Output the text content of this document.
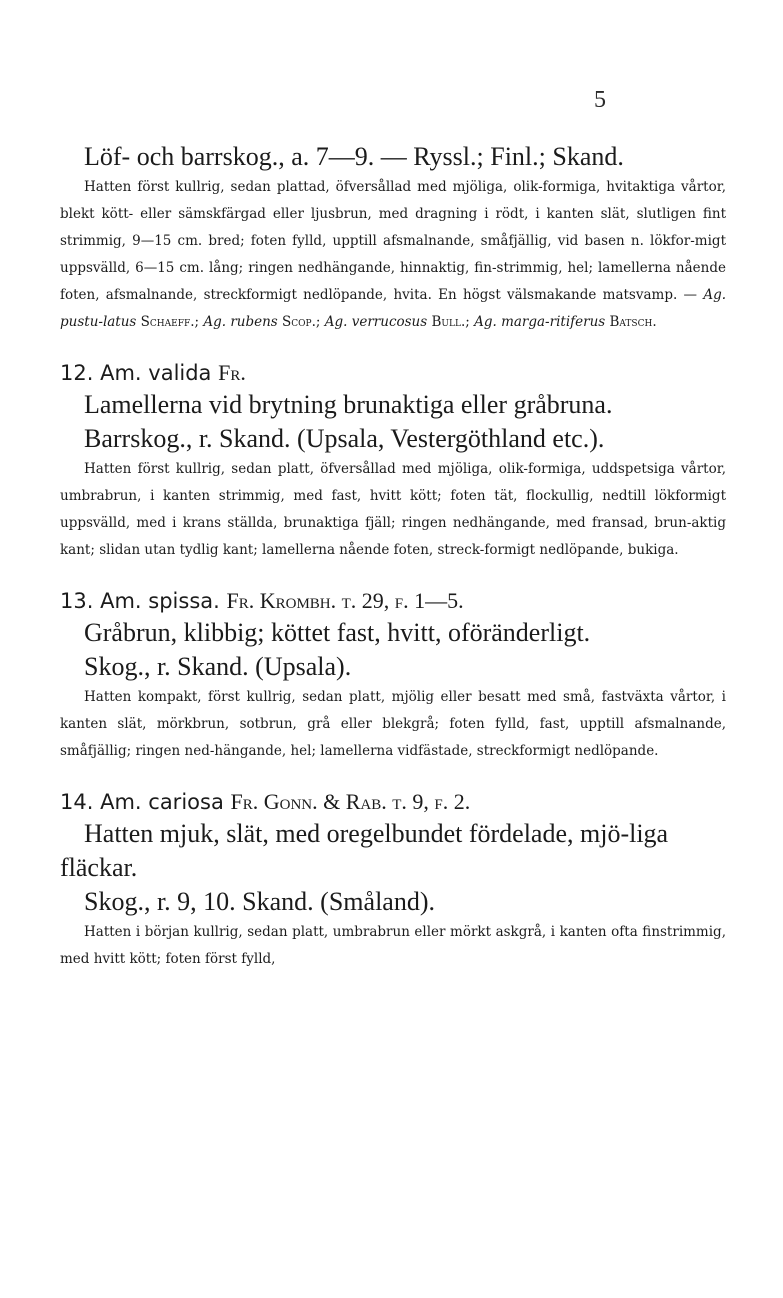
5

Löf- och barrskog., a. 7—9. — Ryssl.; Finl.; Skand.

Hatten först kullrig, sedan plattad, öfversållad med mjöliga, olik-formiga, hvitaktiga vårtor, blekt kött- eller sämskfärgad eller ljusbrun, med dragning i rödt, i kanten slät, slutligen fint strimmig, 9—15 cm. bred; foten fylld, upptill afsmalnande, småfjällig, vid basen n. lökfor-migt uppsvälld, 6—15 cm. lång; ringen nedhängande, hinnaktig, fin-strimmig, hel; lamellerna nående foten, afsmalnande, streckformigt nedlöpande, hvita. En högst välsmakande matsvamp. — Ag. pustu-latus Schaeff.; Ag. rubens Scop.; Ag. verrucosus Bull.; Ag. marga-ritiferus Batsch.

12. Am. valida Fr.

Lamellerna vid brytning brunaktiga eller gråbruna.

Barrskog., r. Skand. (Upsala, Vestergöthland etc.).

Hatten först kullrig, sedan platt, öfversållad med mjöliga, olik-formiga, uddspetsiga vårtor, umbrabrun, i kanten strimmig, med fast, hvitt kött; foten tät, flockullig, nedtill lökformigt uppsvälld, med i krans ställda, brunaktiga fjäll; ringen nedhängande, med fransad, brun-aktig kant; slidan utan tydlig kant; lamellerna nående foten, streck-formigt nedlöpande, bukiga.

13. Am. spissa. Fr. Krombh. t. 29, f. 1—5.

Gråbrun, klibbig; köttet fast, hvitt, oföränderligt.

Skog., r. Skand. (Upsala).

Hatten kompakt, först kullrig, sedan platt, mjölig eller besatt med små, fastväxta vårtor, i kanten slät, mörkbrun, sotbrun, grå eller blekgrå; foten fylld, fast, upptill afsmalnande, småfjällig; ringen ned-hängande, hel; lamellerna vidfästade, streckformigt nedlöpande.

14. Am. cariosa Fr. Gonn. & Rab. t. 9, f. 2.

Hatten mjuk, slät, med oregelbundet fördelade, mjö-liga fläckar.

Skog., r. 9, 10. Skand. (Småland).

Hatten i början kullrig, sedan platt, umbrabrun eller mörkt askgrå, i kanten ofta finstrimmig, med hvitt kött; foten först fylld,
